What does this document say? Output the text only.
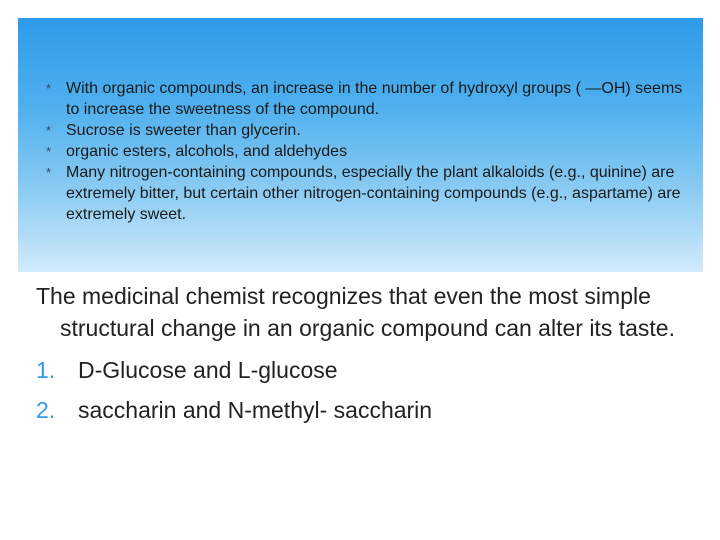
* With organic compounds, an increase in the number of hydroxyl groups ( —OH) seems to increase the sweetness of the compound.
* Sucrose is sweeter than glycerin.
* organic esters, alcohols, and aldehydes
* Many nitrogen-containing compounds, especially the plant alkaloids (e.g., quinine) are extremely bitter, but certain other nitrogen-containing compounds (e.g., aspartame) are extremely sweet.

The medicinal chemist recognizes that even the most simple structural change in an organic compound can alter its taste.

1. D-Glucose and L-glucose
2. saccharin and N-methyl- saccharin
